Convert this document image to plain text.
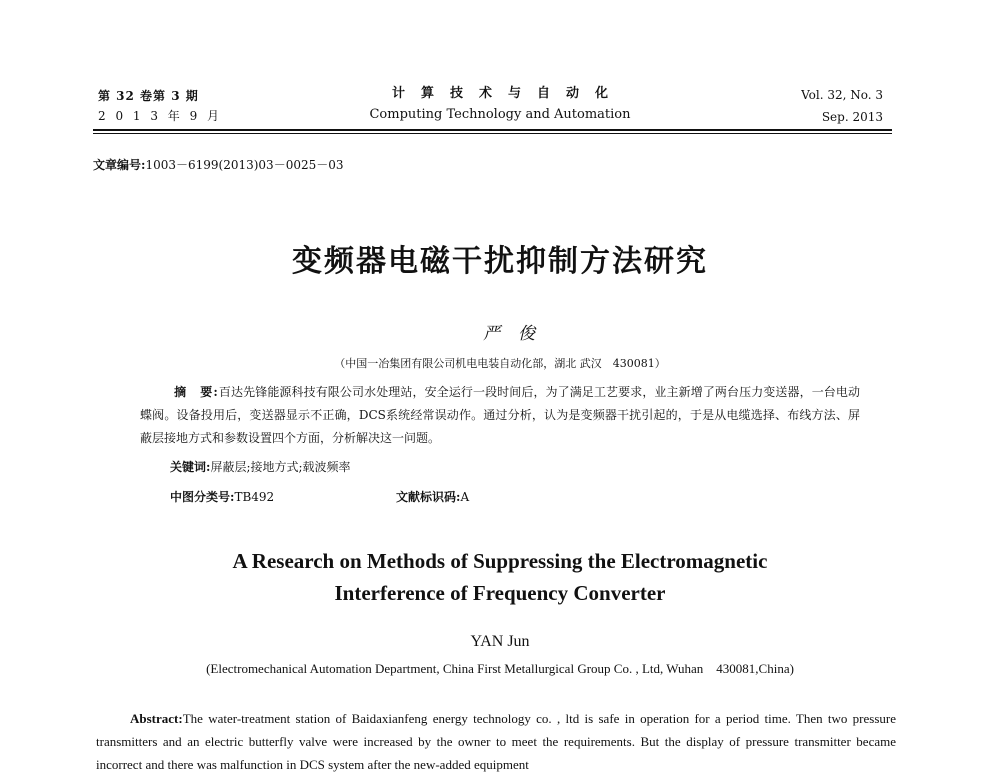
第 32 卷第 3 期
2 0 1 3 年 9 月
计算技术与自动化
Computing Technology and Automation
Vol. 32, No. 3
Sep. 2013
文章编号:1003－6199(2013)03－0025－03
变频器电磁干扰抑制方法研究
严俊
（中国一冶集团有限公司机电电装自动化部，湖北 武汉　430081）
摘　要:百达先锋能源科技有限公司水处理站，安全运行一段时间后，为了满足工艺要求，业主新增了两台压力变送器，一台电动蝶阀。设备投用后，变送器显示不正确，DCS系统经常误动作。通过分析，认为是变频器干扰引起的，于是从电缆选择、布线方法、屏蔽层接地方式和参数设置四个方面，分析解决这一问题。
关键词:屏蔽层;接地方式;载波频率
中图分类号:TB492	文献标识码:A
A Research on Methods of Suppressing the Electromagnetic
Interference of Frequency Converter
YAN Jun
(Electromechanical Automation Department, China First Metallurgical Group Co. , Ltd, Wuhan　430081,China)
Abstract:The water-treatment station of Baidaxianfeng energy technology co. , ltd is safe in operation for a period time. Then two pressure transmitters and an electric butterfly valve were increased by the owner to meet the requirements. But the display of pressure transmitter became incorrect and there was malfunction in DCS system after the new-added equipment
